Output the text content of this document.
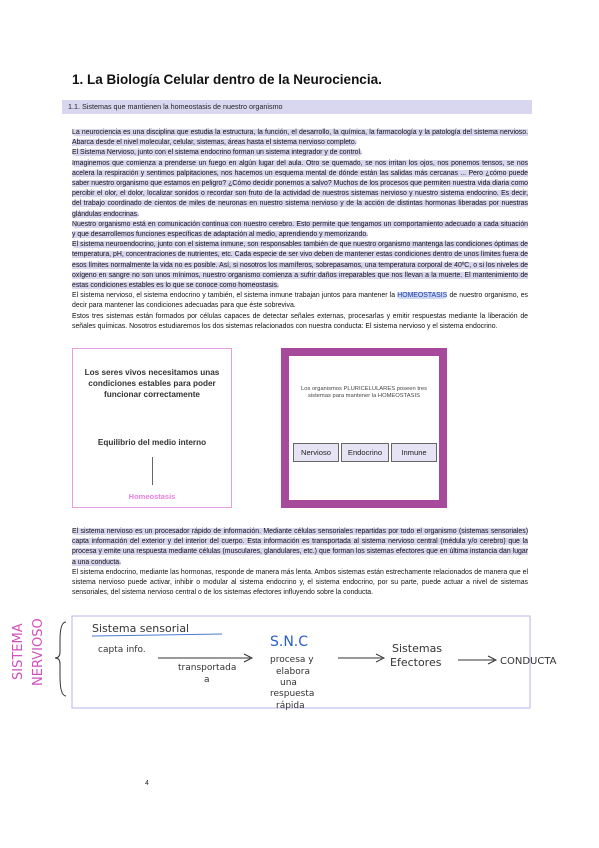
1. La Biología Celular dentro de la Neurociencia.
1.1. Sistemas que mantienen la homeostasis de nuestro organismo
La neurociencia es una disciplina que estudia la estructura, la función, el desarrollo, la química, la farmacología y la patología del sistema nervioso. Abarca desde el nivel molecular, celular, sistemas, áreas hasta el sistema nervioso completo.
El Sistema Nervioso, junto con el sistema endocrino forman un sistema integrador y de control.
Imaginemos que comienza a prenderse un fuego en algún lugar del aula. Otro se quemado, se nos irritan los ojos, nos ponemos tensos, se nos acelera la respiración y sentimos palpitaciones, nos hacemos un esquema mental de dónde están las salidas más cercanas ... Pero ¿cómo puede saber nuestro organismo que estamos en peligro? ¿Cómo decidir ponernos a salvo? Muchos de los procesos que permiten nuestra vida diaria como percibir el olor, el dolor, localizar sonidos o recordar son fruto de la actividad de nuestros sistemas nervioso y nuestro sistema endocrino. Es decir, del trabajo coordinado de cientos de miles de neuronas en nuestro sistema nervioso y de la acción de distintas hormonas liberadas por nuestras glándulas endocrinas.
Nuestro organismo está en comunicación continua con nuestro cerebro. Esto permite que tengamos un comportamiento adecuado a cada situación y que desarrollemos funciones específicas de adaptación al medio, aprendiendo y memorizando.
El sistema neuroendocrino, junto con el sistema inmune, son responsables también de que nuestro organismo mantenga las condiciones óptimas de temperatura, pH, concentraciones de nutrientes, etc. Cada especie de ser vivo deben de mantener estas condiciones dentro de unos límites fuera de esos límites normalmente la vida no es posible. Así, si nosotros los mamíferos, sobrepasamos, una temperatura corporal de 40ºC, o si los niveles de oxígeno en sangre no son unos mínimos, nuestro organismo comienza a sufrir daños irreparables que nos llevan a la muerte. El mantenimiento de estas condiciones estables es lo que se conoce como homeostasis.
El sistema nervioso, el sistema endocrino y también, el sistema inmune trabajan juntos para mantener la HOMEOSTASIS de nuestro organismo, es decir para mantener las condiciones adecuadas para que éste sobreviva.
Estos tres sistemas están formados por células capaces de detectar señales externas, procesarlas y emitir respuestas mediante la liberación de señales químicas. Nosotros estudiaremos los dos sistemas relacionados con nuestra conducta: El sistema nervioso y el sistema endocrino.
Los seres vivos necesitamos unas condiciones estables para poder funcionar correctamente
Equilibrio del medio interno
Homeostasis
Los organismos PLURICELULARES poseen tres sistemas para mantener la HOMEOSTASIS
Nervioso	Endocrino	Inmune
El sistema nervioso es un procesador rápido de información. Mediante células sensoriales repartidas por todo el organismo (sistemas sensoriales) capta información del exterior y del interior del cuerpo. Esta información es transportada al sistema nervioso central (médula y/o cerebro) que la procesa y emite una respuesta mediante células (musculares, glandulares, etc.) que forman los sistemas efectores que en última instancia dan lugar a una conducta.
El sistema endocrino, mediante las hormonas, responde de manera más lenta. Ambos sistemas están estrechamente relacionados de manera que el sistema nervioso puede activar, inhibir o modular al sistema endocrino y, el sistema endocrino, por su parte, puede actuar a nivel de sistemas sensoriales, del sistema nervioso central o de los sistemas efectores influyendo sobre la conducta.
SISTEMA NERVIOSO	Sistema sensorial
capta info.
transportada
a
S.N.C
procesa y
elabora
una
respuesta
rápida
Sistemas
Efectores	CONDUCTA
4
